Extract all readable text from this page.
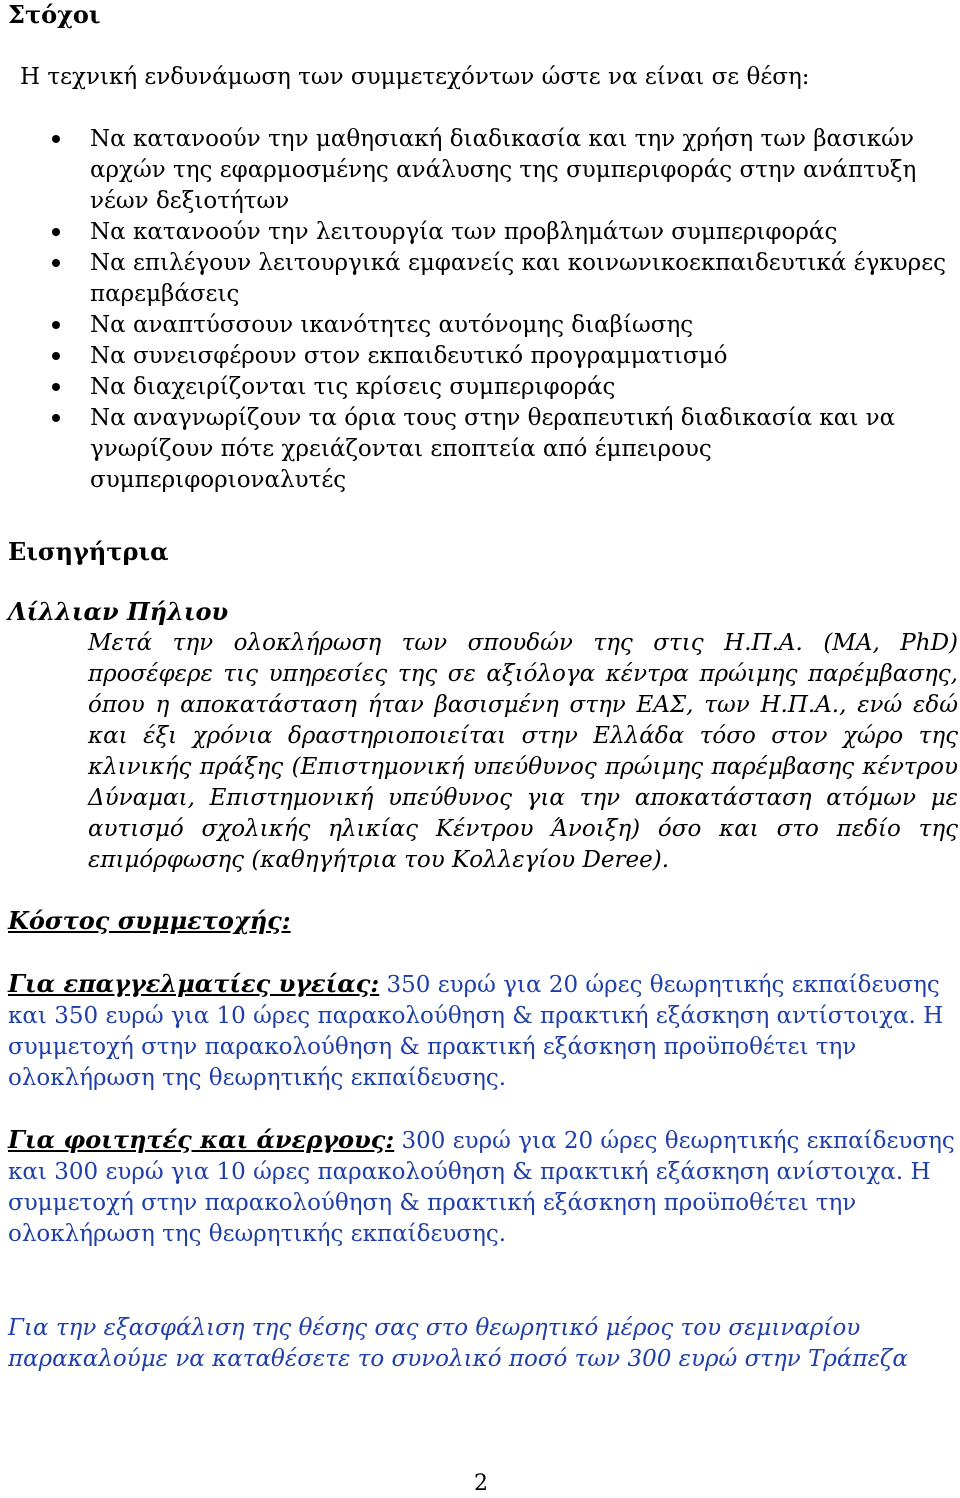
Στόχοι
Η τεχνική ενδυνάμωση των συμμετεχόντων ώστε να είναι σε θέση:
Να κατανοούν την μαθησιακή διαδικασία και την χρήση των βασικών αρχών της εφαρμοσμένης ανάλυσης της συμπεριφοράς στην ανάπτυξη νέων δεξιοτήτων
Να κατανοούν την λειτουργία των προβλημάτων συμπεριφοράς
Να επιλέγουν λειτουργικά εμφανείς και κοινωνικοεκπαιδευτικά έγκυρες παρεμβάσεις
Να αναπτύσσουν ικανότητες αυτόνομης διαβίωσης
Να συνεισφέρουν στον εκπαιδευτικό προγραμματισμό
Να διαχειρίζονται τις κρίσεις συμπεριφοράς
Να αναγνωρίζουν τα όρια τους στην θεραπευτική διαδικασία και να γνωρίζουν πότε χρειάζονται εποπτεία από έμπειρους συμπεριφοριοναλυτές
Εισηγήτρια
Λίλλιαν Πήλιου
Μετά την ολοκλήρωση των σπουδών της στις Η.Π.Α. (MA, PhD) προσέφερε τις υπηρεσίες της σε αξιόλογα κέντρα πρώιμης παρέμβασης, όπου η αποκατάσταση ήταν βασισμένη στην ΕΑΣ, των Η.Π.Α., ενώ εδώ και έξι χρόνια δραστηριοποιείται στην Ελλάδα τόσο στον χώρο της κλινικής πράξης (Επιστημονική υπεύθυνος πρώιμης παρέμβασης κέντρου Δύναμαι, Επιστημονική υπεύθυνος για την αποκατάσταση ατόμων με αυτισμό σχολικής ηλικίας Κέντρου Άνοιξη) όσο και στο πεδίο της επιμόρφωσης (καθηγήτρια του Κολλεγίου Deree).
Κόστος συμμετοχής:
Για επαγγελματίες υγείας: 350 ευρώ για 20 ώρες θεωρητικής εκπαίδευσης και 350 ευρώ για 10 ώρες παρακολούθηση & πρακτική εξάσκηση αντίστοιχα. Η συμμετοχή στην παρακολούθηση & πρακτική εξάσκηση προϋποθέτει την ολοκλήρωση της θεωρητικής εκπαίδευσης.
Για φοιτητές και άνεργους: 300 ευρώ για 20 ώρες θεωρητικής εκπαίδευσης και 300 ευρώ για 10 ώρες παρακολούθηση & πρακτική εξάσκηση ανίστοιχα. Η συμμετοχή στην παρακολούθηση & πρακτική εξάσκηση προϋποθέτει την ολοκλήρωση της θεωρητικής εκπαίδευσης.
Για την εξασφάλιση της θέσης σας στο θεωρητικό μέρος του σεμιναρίου παρακαλούμε να καταθέσετε το συνολικό ποσό των 300 ευρώ στην Τράπεζα
2
